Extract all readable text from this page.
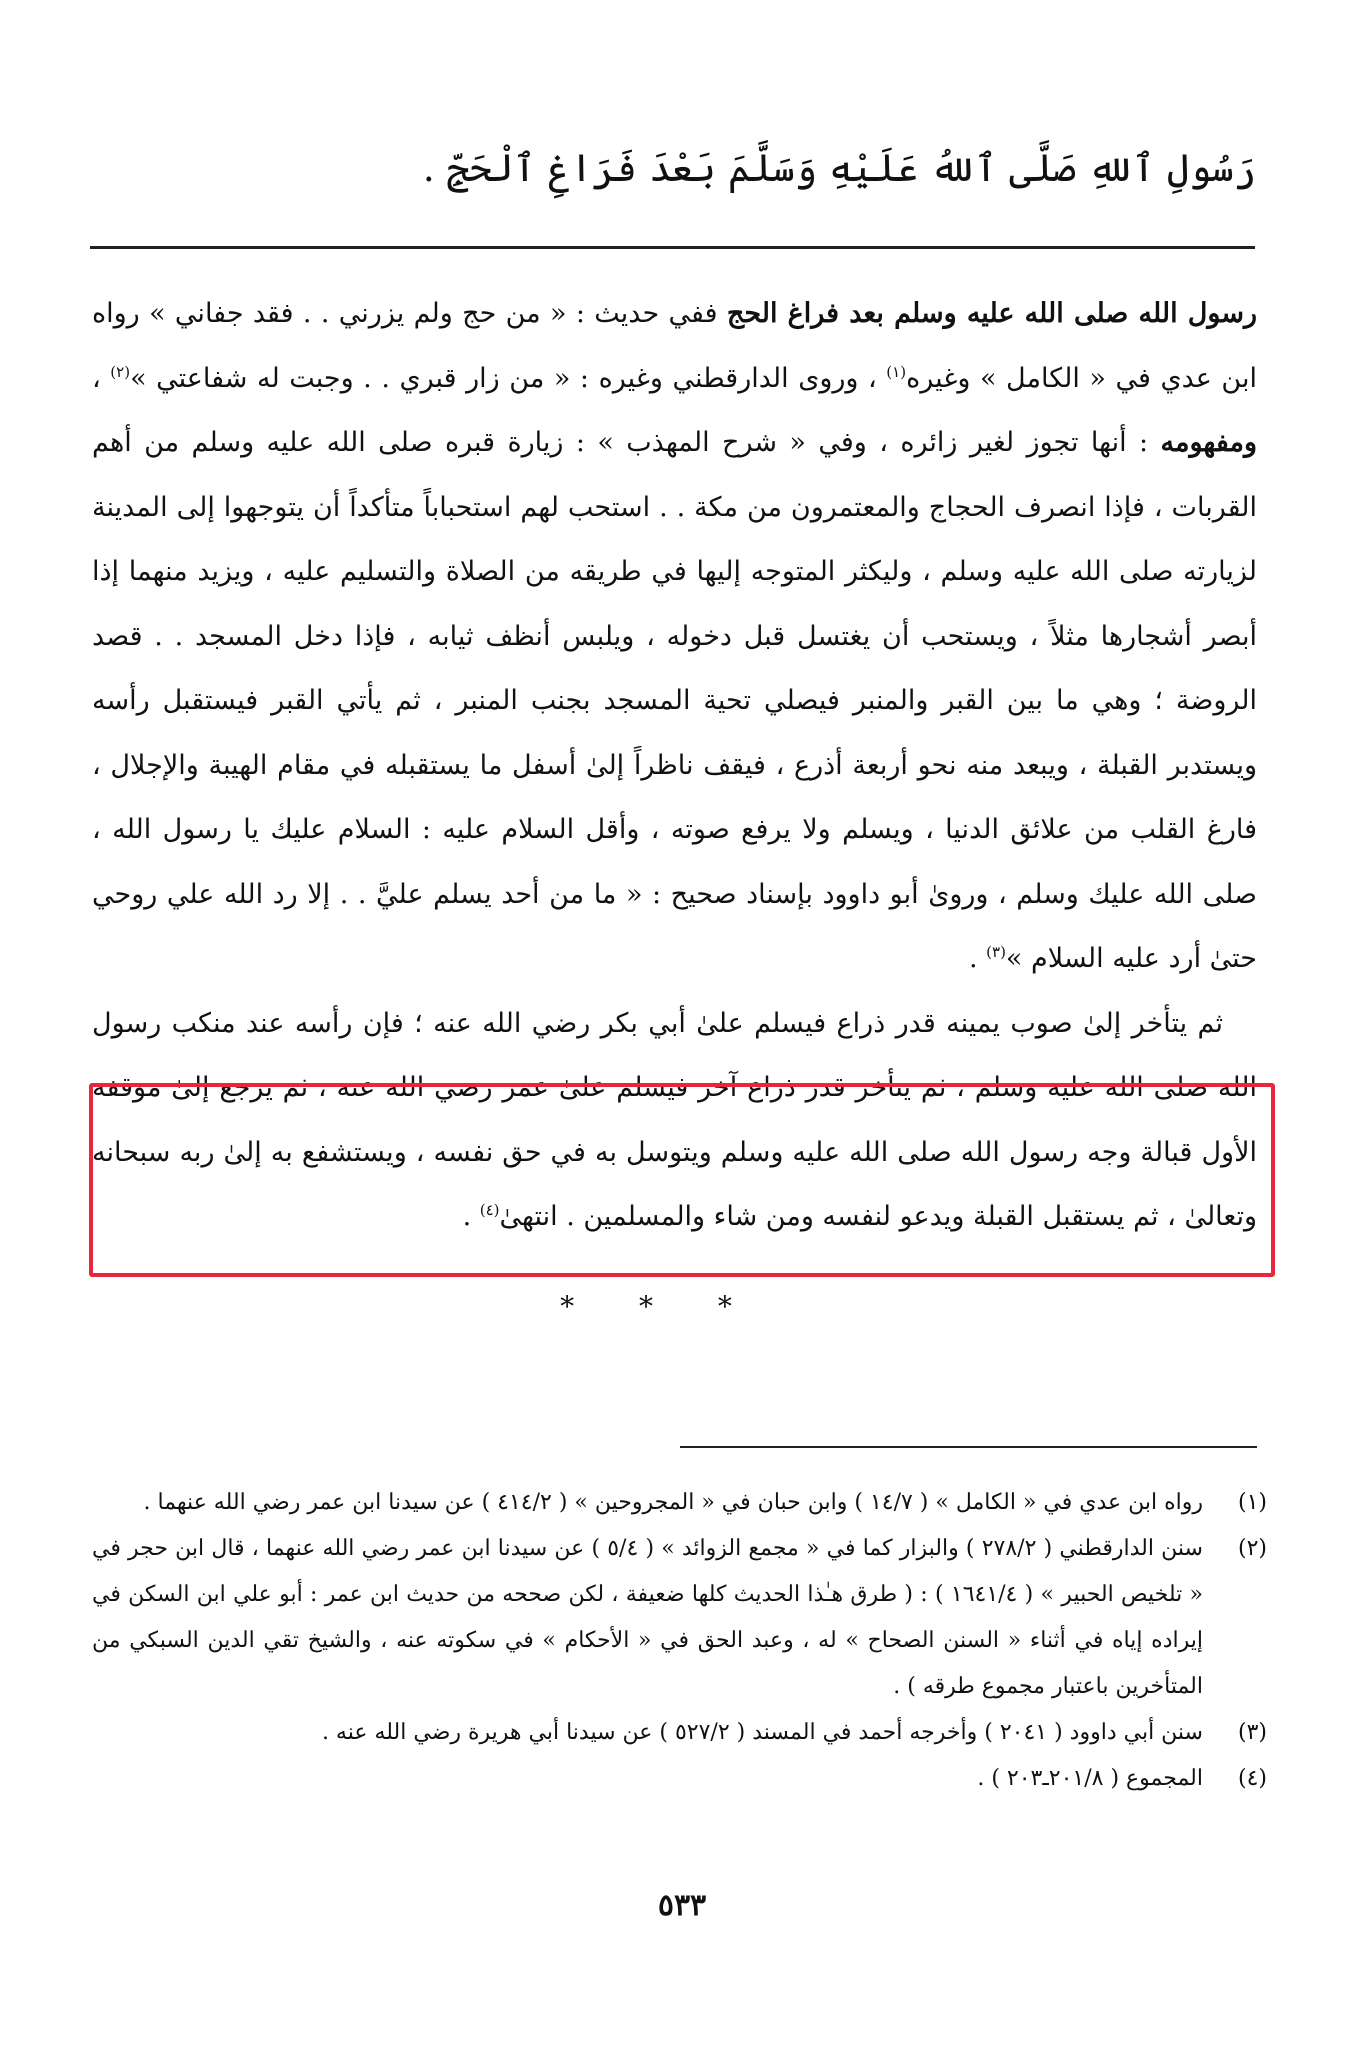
رَسُولِ ٱللهِ صَلَّى ٱللهُ عَلَيْهِ وَسَلَّمَ بَعْدَ فَرَاغِ ٱلْحَجِّ .

رسول الله صلى الله عليه وسلم بعد فراغ الحج ففي حديث : « من حج ولم يزرني . . فقد جفاني » رواه ابن عدي في « الكامل » وغيره$^{(١)}$ ، وروى الدارقطني وغيره : « من زار قبري . . وجبت له شفاعتي »$^{(٢)}$ ، ومفهومه : أنها تجوز لغير زائره ، وفي « شرح المهذب » : زيارة قبره صلى الله عليه وسلم من أهم القربات ، فإذا انصرف الحجاج والمعتمرون من مكة . . استحب لهم استحباباً متأكداً أن يتوجهوا إلى المدينة لزيارته صلى الله عليه وسلم ، وليكثر المتوجه إليها في طريقه من الصلاة والتسليم عليه ، ويزيد منهما إذا أبصر أشجارها مثلاً ، ويستحب أن يغتسل قبل دخوله ، ويلبس أنظف ثيابه ، فإذا دخل المسجد . . قصد الروضة ؛ وهي ما بين القبر والمنبر فيصلي تحية المسجد بجنب المنبر ، ثم يأتي القبر فيستقبل رأسه ويستدبر القبلة ، ويبعد منه نحو أربعة أذرع ، فيقف ناظراً إلىٰ أسفل ما يستقبله في مقام الهيبة والإجلال ، فارغ القلب من علائق الدنيا ، ويسلم ولا يرفع صوته ، وأقل السلام عليه : السلام عليك يا رسول الله ، صلى الله عليك وسلم ، وروىٰ أبو داوود بإسناد صحيح : « ما من أحد يسلم عليَّ . . إلا رد الله علي روحي حتىٰ أرد عليه السلام »$^{(٣)}$ .

ثم يتأخر إلىٰ صوب يمينه قدر ذراع فيسلم علىٰ أبي بكر رضي الله عنه ؛ فإن رأسه عند منكب رسول الله صلى الله عليه وسلم ، ثم يتأخر قدر ذراع آخر فيسلم علىٰ عمر رضي الله عنه ، ثم يرجع إلىٰ موقفه الأول قبالة وجه رسول الله صلى الله عليه وسلم ويتوسل به في حق نفسه ، ويستشفع به إلىٰ ربه سبحانه وتعالىٰ ، ثم يستقبل القبلة ويدعو لنفسه ومن شاء والمسلمين . انتهىٰ$^{(٤)}$ .

* * *
(١)
رواه ابن عدي في « الكامل » ( ١٤/٧ ) وابن حبان في « المجروحين » ( ٤١٤/٢ ) عن سيدنا ابن عمر رضي الله عنهما .
(٢)
سنن الدارقطني ( ٢٧٨/٢ ) والبزار كما في « مجمع الزوائد » ( ٥/٤ ) عن سيدنا ابن عمر رضي الله عنهما ، قال ابن حجر في « تلخيص الحبير » ( ١٦٤١/٤ ) : ( طرق هـٰذا الحديث كلها ضعيفة ، لكن صححه من حديث ابن عمر : أبو علي ابن السكن في إيراده إياه في أثناء « السنن الصحاح » له ، وعبد الحق في « الأحكام » في سكوته عنه ، والشيخ تقي الدين السبكي من المتأخرين باعتبار مجموع طرقه ) .
(٣)
سنن أبي داوود ( ٢٠٤١ ) وأخرجه أحمد في المسند ( ٥٢٧/٢ ) عن سيدنا أبي هريرة رضي الله عنه .
(٤)
المجموع ( ٢٠١/٨ـ٢٠٣ ) .
٥٣٣
